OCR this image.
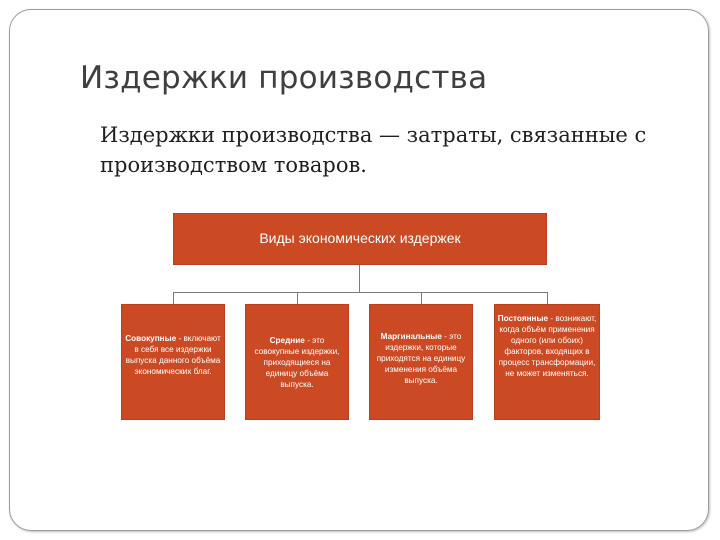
Издержки производства
Издержки производства — затраты, связанные с производством товаров.
Виды экономических издержек
Совокупные - включают в себя все издержки выпуска данного объёма экономических благ.
Средние - это совокупные издержки, приходящиеся на единицу объёма выпуска.
Маргинальные - это издержки, которые приходятся на единицу изменения объёма выпуска.
Постоянные - возникают, когда объём применения одного (или обоих) факторов, входящих в процесс трансформации, не может изменяться.
